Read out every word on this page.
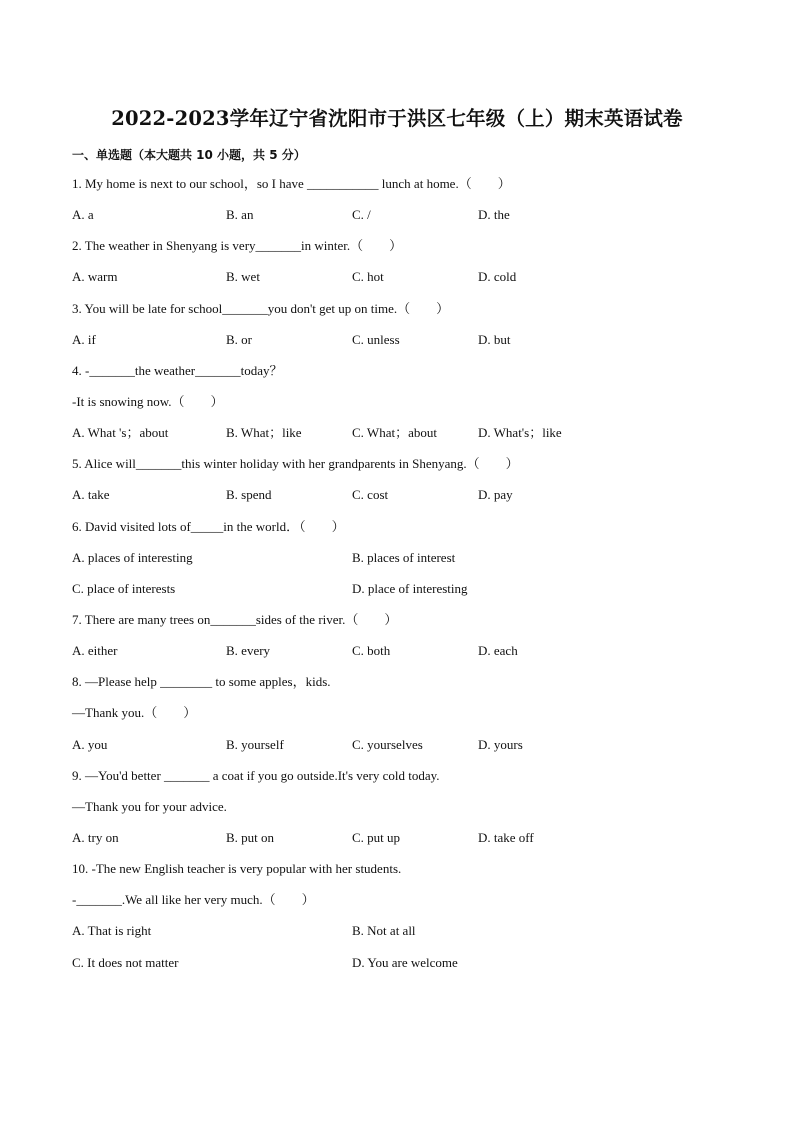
2022-2023学年辽宁省沈阳市于洪区七年级（上）期末英语试卷
一、单选题（本大题共 10 小题，共 5 分）
1. My home is next to our school，so I have ___________ lunch at home.（　　）
A. a	B. an	C. /	D. the
2. The weather in Shenyang is very_______in winter.（　　）
A. warm	B. wet	C. hot	D. cold
3. You will be late for school_______you don't get up on time.（　　）
A. if	B. or	C. unless	D. but
4. -_______the weather_______today？
-It is snowing now.（　　）
A. What 's；about	B. What；like	C. What；about	D. What's；like
5. Alice will_______this winter holiday with her grandparents in Shenyang.（　　）
A. take	B. spend	C. cost	D. pay
6. David visited lots of_____in the world．（　　）
A. places of interesting	B. places of interest
C. place of interests	D. place of interesting
7. There are many trees on_______sides of the river.（　　）
A. either	B. every	C. both	D. each
8. —Please help ________ to some apples，kids.
—Thank you.（　　）
A. you	B. yourself	C. yourselves	D. yours
9. —You'd better _______ a coat if you go outside.It's very cold today.
—Thank you for your advice.
A. try on	B. put on	C. put up	D. take off
10. -The new English teacher is very popular with her students.
-_______.We all like her very much.（　　）
A. That is right	B. Not at all
C. It does not matter	D. You are welcome
